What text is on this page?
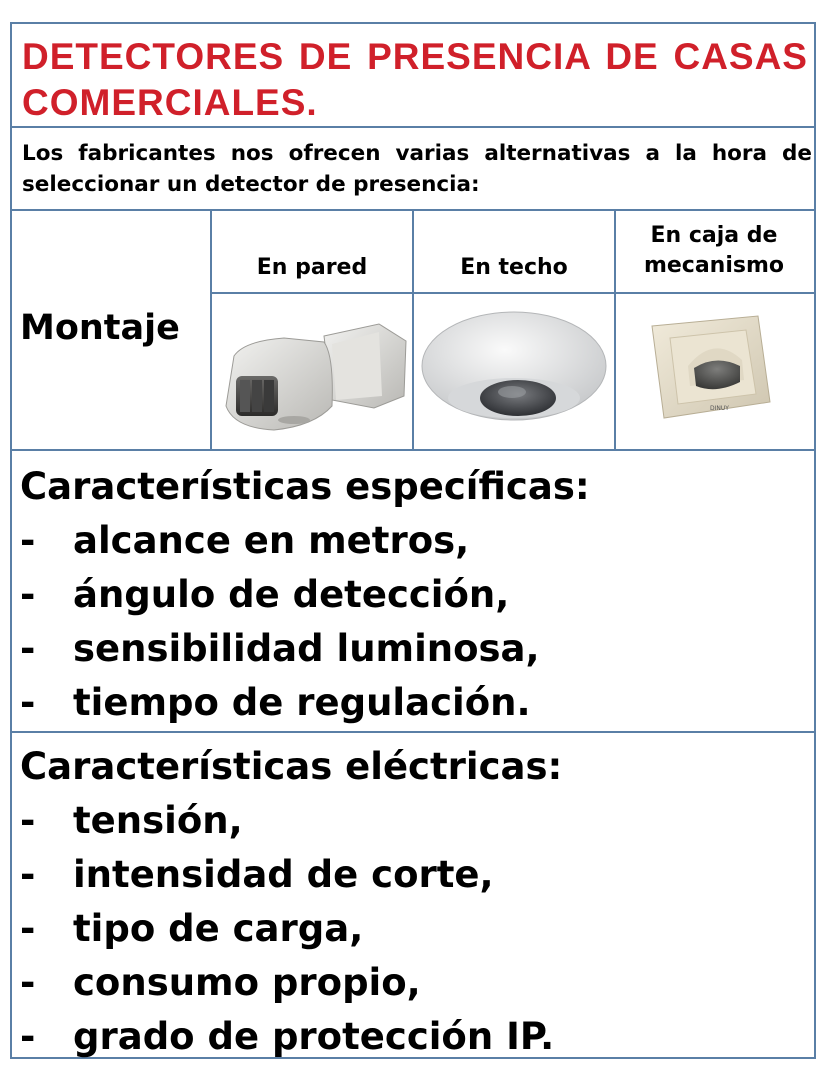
DETECTORES DE PRESENCIA DE CASAS COMERCIALES.
Los fabricantes nos ofrecen varias alternativas a la hora de seleccionar un detector de presencia:
Montaje
En pared	En techo
En caja de mecanismo
DINUY
Características específicas:
- alcance en metros,
- ángulo de detección,
- sensibilidad luminosa,
- tiempo de regulación.
Características eléctricas:
- tensión,
- intensidad de corte,
- tipo de carga,
- consumo propio,
- grado de protección IP.
